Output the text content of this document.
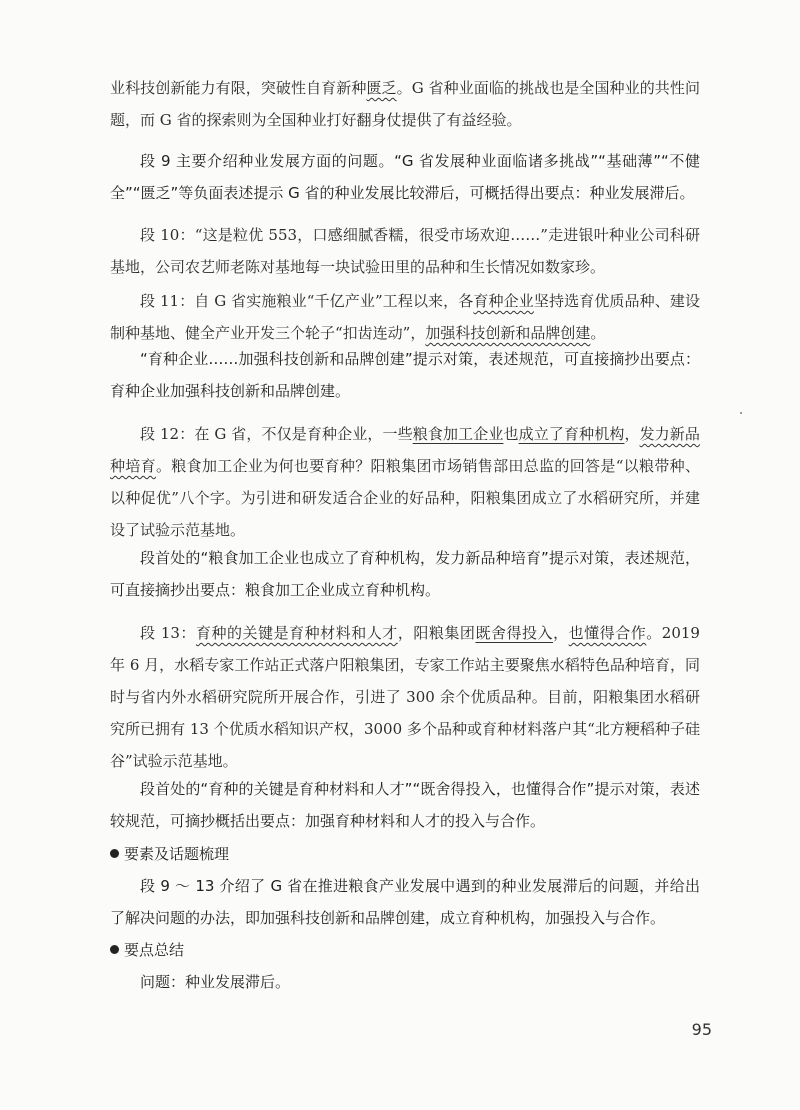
业科技创新能力有限，突破性自育新种匮乏。G 省种业面临的挑战也是全国种业的共性问题，而 G 省的探索则为全国种业打好翻身仗提供了有益经验。

段 9 主要介绍种业发展方面的问题。“G 省发展种业面临诸多挑战”“基础薄”“不健全”“匮乏”等负面表述提示 G 省的种业发展比较滞后，可概括得出要点：种业发展滞后。

段 10：“这是粒优 553，口感细腻香糯，很受市场欢迎……”走进银叶种业公司科研基地，公司农艺师老陈对基地每一块试验田里的品种和生长情况如数家珍。

段 11：自 G 省实施粮业“千亿产业”工程以来，各育种企业坚持选育优质品种、建设制种基地、健全产业开发三个轮子“扣齿连动”，加强科技创新和品牌创建。

“育种企业……加强科技创新和品牌创建”提示对策，表述规范，可直接摘抄出要点：育种企业加强科技创新和品牌创建。

段 12：在 G 省，不仅是育种企业，一些粮食加工企业也成立了育种机构，发力新品种培育。粮食加工企业为何也要育种？阳粮集团市场销售部田总监的回答是“以粮带种、以种促优”八个字。为引进和研发适合企业的好品种，阳粮集团成立了水稻研究所，并建设了试验示范基地。

段首处的“粮食加工企业也成立了育种机构，发力新品种培育”提示对策，表述规范，可直接摘抄出要点：粮食加工企业成立育种机构。

段 13：育种的关键是育种材料和人才，阳粮集团既舍得投入，也懂得合作。2019 年 6 月，水稻专家工作站正式落户阳粮集团，专家工作站主要聚焦水稻特色品种培育，同时与省内外水稻研究院所开展合作，引进了 300 余个优质品种。目前，阳粮集团水稻研究所已拥有 13 个优质水稻知识产权，3000 多个品种或育种材料落户其“北方粳稻种子硅谷”试验示范基地。

段首处的“育种的关键是育种材料和人才”“既舍得投入，也懂得合作”提示对策，表述较规范，可摘抄概括出要点：加强育种材料和人才的投入与合作。

要素及话题梳理

段 9 ～ 13 介绍了 G 省在推进粮食产业发展中遇到的种业发展滞后的问题，并给出了解决问题的办法，即加强科技创新和品牌创建，成立育种机构，加强投入与合作。

要点总结

问题：种业发展滞后。

95
